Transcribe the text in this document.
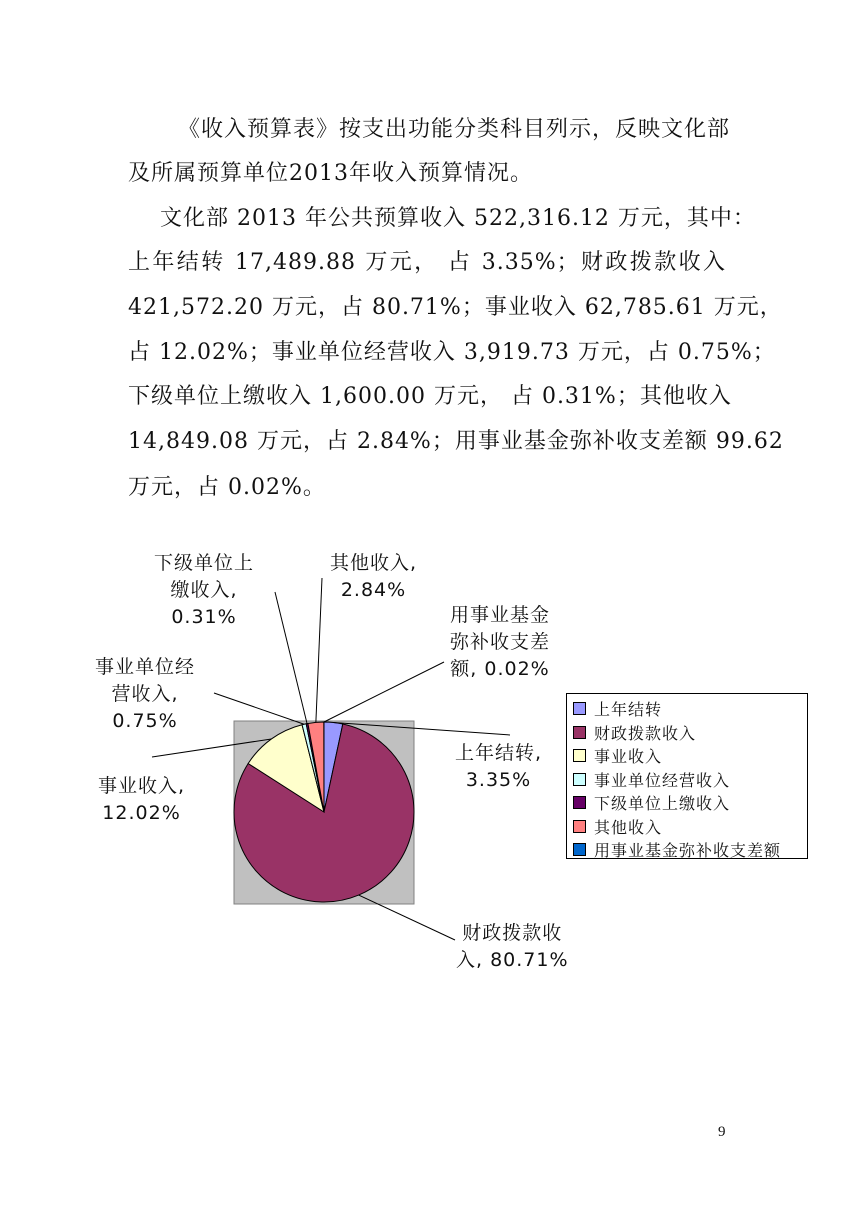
《收入预算表》按支出功能分类科目列示，反映文化部
及所属预算单位2013年收入预算情况。
文化部 2013 年公共预算收入 522,316.12 万元，其中：
上年结转 17,489.88 万元， 占 3.35%；财政拨款收入
421,572.20 万元，占 80.71%；事业收入 62,785.61 万元，
占 12.02%；事业单位经营收入 3,919.73 万元，占 0.75%；
下级单位上缴收入 1,600.00 万元， 占 0.31%；其他收入
14,849.08 万元，占 2.84%；用事业基金弥补收支差额 99.62
万元，占 0.02%。
其他收入,
2.84%
下级单位上
缴收入,
0.31%	用事业基金
弥补收支差
额, 0.02%
事业单位经
营收入,
0.75%
上年结转,
3.35%
事业收入,
12.02%
财政拨款收
入, 80.71%
上年结转
财政拨款收入
事业收入
事业单位经营收入
下级单位上缴收入
其他收入
用事业基金弥补收支差额
9
